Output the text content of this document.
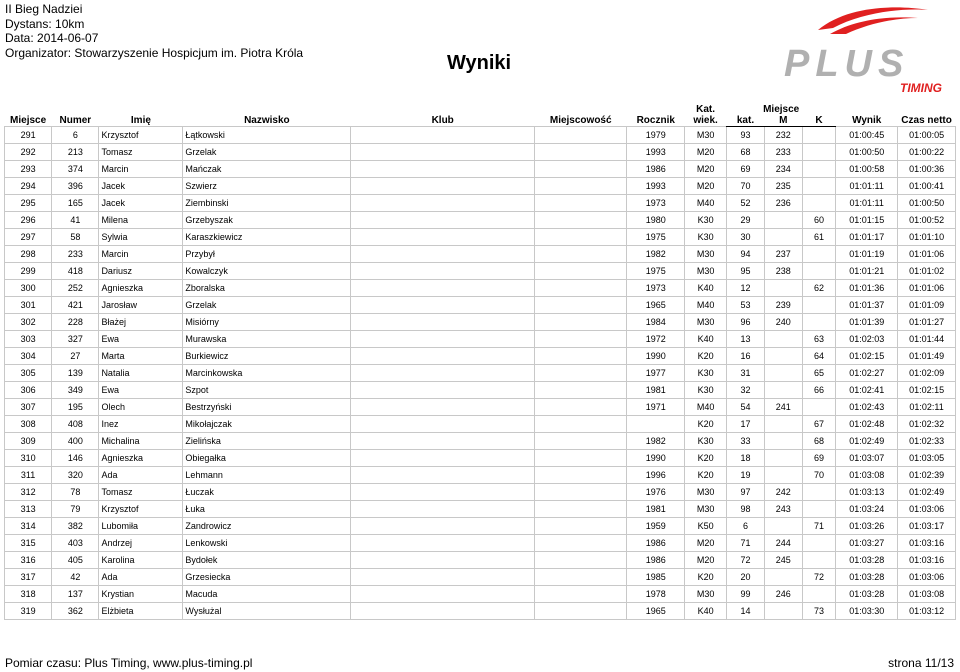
II Bieg Nadziei
Dystans: 10km
Data: 2014-06-07
Organizator: Stowarzyszenie Hospicjum im. Piotra Króla	Wyniki	PLUS
TIMING
Miejsce	Numer	Imię	Nazwisko	Klub	Miejscowość	Rocznik	Kat.	Miejsce			Wynik	Czas netto
							wiek.	kat.	M	K		
291	6	Krzysztof	Łątkowski			1979	M30	93	232		01:00:45	01:00:05
292	213	Tomasz	Grzelak			1993	M20	68	233		01:00:50	01:00:22
293	374	Marcin	Mańczak			1986	M20	69	234		01:00:58	01:00:36
294	396	Jacek	Szwierz			1993	M20	70	235		01:01:11	01:00:41
295	165	Jacek	Ziembinski			1973	M40	52	236		01:01:11	01:00:50
296	41	Milena	Grzebyszak			1980	K30	29		60	01:01:15	01:00:52
297	58	Sylwia	Karaszkiewicz			1975	K30	30		61	01:01:17	01:01:10
298	233	Marcin	Przybył			1982	M30	94	237		01:01:19	01:01:06
299	418	Dariusz	Kowalczyk			1975	M30	95	238		01:01:21	01:01:02
300	252	Agnieszka	Zboralska			1973	K40	12		62	01:01:36	01:01:06
301	421	Jarosław	Grzelak			1965	M40	53	239		01:01:37	01:01:09
302	228	Błażej	Misiórny			1984	M30	96	240		01:01:39	01:01:27
303	327	Ewa	Murawska			1972	K40	13		63	01:02:03	01:01:44
304	27	Marta	Burkiewicz			1990	K20	16		64	01:02:15	01:01:49
305	139	Natalia	Marcinkowska			1977	K30	31		65	01:02:27	01:02:09
306	349	Ewa	Szpot			1981	K30	32		66	01:02:41	01:02:15
307	195	Olech	Bestrzyński			1971	M40	54	241		01:02:43	01:02:11
308	408	Inez	Mikołajczak				K20	17		67	01:02:48	01:02:32
309	400	Michalina	Zielińska			1982	K30	33		68	01:02:49	01:02:33
310	146	Agnieszka	Obiegałka			1990	K20	18		69	01:03:07	01:03:05
311	320	Ada	Lehmann			1996	K20	19		70	01:03:08	01:02:39
312	78	Tomasz	Łuczak			1976	M30	97	242		01:03:13	01:02:49
313	79	Krzysztof	Łuka			1981	M30	98	243		01:03:24	01:03:06
314	382	Lubomiła	Zandrowicz			1959	K50	6		71	01:03:26	01:03:17
315	403	Andrzej	Lenkowski			1986	M20	71	244		01:03:27	01:03:16
316	405	Karolina	Bydołek			1986	M20	72	245		01:03:28	01:03:16
317	42	Ada	Grzesiecka			1985	K20	20		72	01:03:28	01:03:06
318	137	Krystian	Macuda			1978	M30	99	246		01:03:28	01:03:08
319	362	Elżbieta	Wysłużal			1965	K40	14		73	01:03:30	01:03:12
Pomiar czasu: Plus Timing, www.plus-timing.pl	strona 11/13
